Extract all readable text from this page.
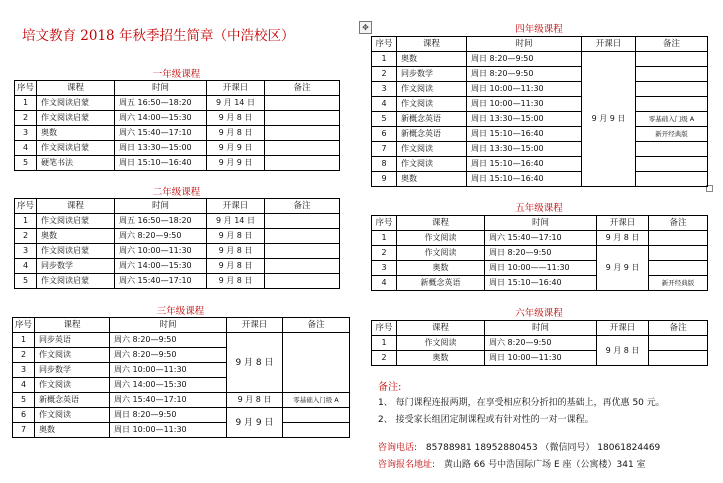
培文教育 2018 年秋季招生简章（中浩校区）
✥
一年级课程
序号	课程	时间	开课日	备注
1	作文阅读启蒙	周五 16:50—18:20	9 月 14 日	
2	作文阅读启蒙	周六 14:00—15:30	9 月 8 日	
3	奥数	周六 15:40—17:10	9 月 8 日	
4	作文阅读启蒙	周日 13:30—15:00	9 月 9 日	
5	硬笔书法	周日 15:10—16:40	9 月 9 日	
二年级课程
序号	课程	时间	开课日	备注
1	作文阅读启蒙	周五 16:50—18:20	9 月 14 日	
2	奥数	周六 8:20—9:50	9 月 8 日	
3	作文阅读启蒙	周六 10:00—11:30	9 月 8 日	
4	同步数学	周六 14:00—15:30	9 月 8 日	
5	作文阅读启蒙	周六 15:40—17:10	9 月 8 日	
三年级课程
序号	课程	时间	开课日	备注
1	同步英语	周六 8:20—9:50	9 月 8 日	
2	作文阅读	周六 8:20—9:50		
3	同步数学	周六 10:00—11:30		
4	作文阅读	周六 14:00—15:30		
5	新概念英语	周六 15:40—17:10	9 月 8 日	零基础入门级 A
6	作文阅读	周日 8:20—9:50	9 月 9 日	
7	奥数	周日 10:00—11:30		
四年级课程
序号	课程	时间	开课日	备注
1	奥数	周日 8:20—9:50	9 月 9 日	
2	同步数学	周日 8:20—9:50		
3	作文阅读	周日 10:00—11:30		
4	作文阅读	周日 10:00—11:30		
5	新概念英语	周日 13:30—15:00		零基础入门级 A
6	新概念英语	周日 15:10—16:40		新开经典版
7	作文阅读	周日 13:30—15:00		
8	作文阅读	周日 15:10—16:40		
9	奥数	周日 15:10—16:40		
五年级课程
序号	课程	时间	开课日	备注
1	作文阅读	周六 15:40—17:10	9 月 8 日	
2	作文阅读	周日 8:20—9:50	9 月 9 日	
3	奥数	周日 10:00——11:30		
4	新概念英语	周日 15:10—16:40		新开经典版
六年级课程
序号	课程	时间	开课日	备注
1	作文阅读	周六 8:20—9:50	9 月 8 日	
2	奥数	周日 10:00—11:30		
备注:
1、 每门课程连报两期，在享受相应积分折扣的基础上，再优惠 50 元。
2、 接受家长组团定制课程或有针对性的一对一课程。
咨询电话: 85788981 18952880453 （微信同号） 18061824469
咨询报名地址: 黄山路 66 号中浩国际广场 E 座（公寓楼）341 室
